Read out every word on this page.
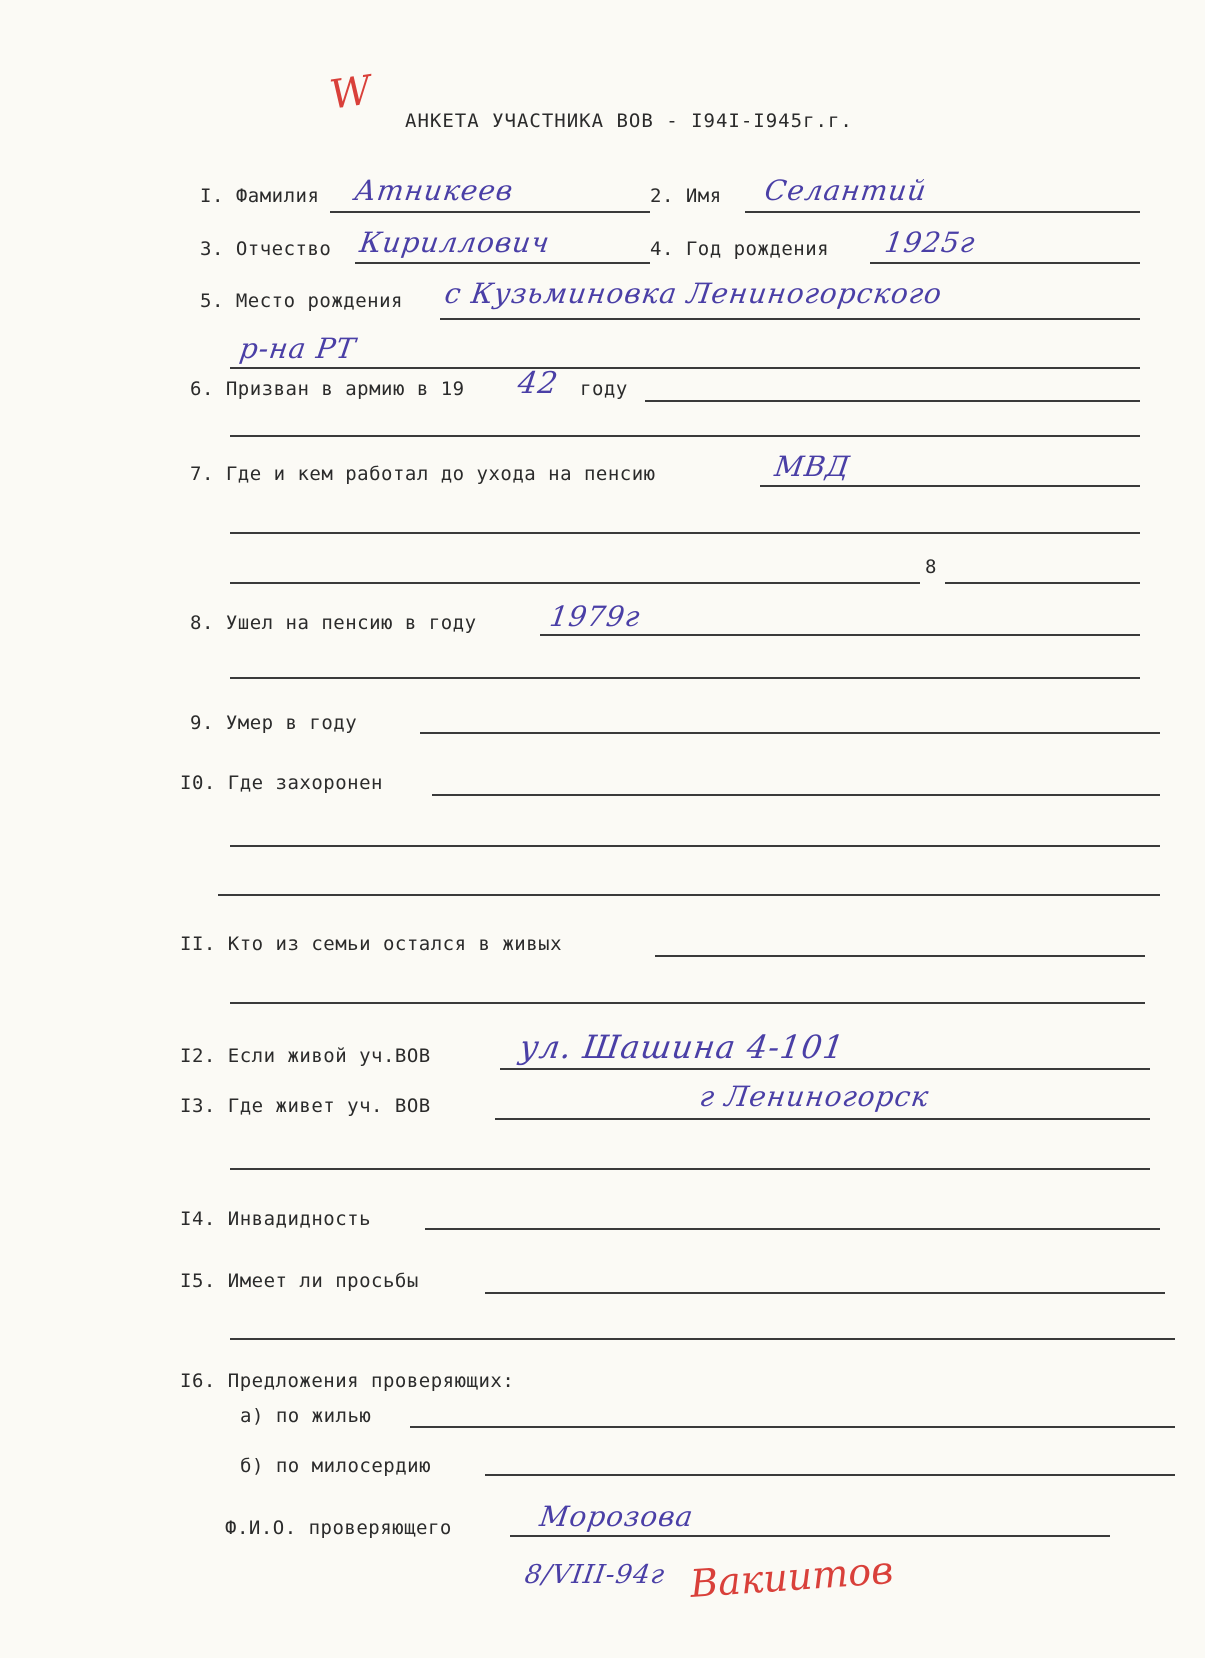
W
АНКЕТА УЧАСТНИКА ВОВ - I94I-I945г.г.
I. Фамилия Атникеев	2. Имя Селантий
3. Отчество Кириллович	4. Год рождения 1925г
5. Место рождения с Кузьминовка Лениногорского
р-на РТ
6. Призван в армию в 19 42 году
7. Где и кем работал до ухода на пенсию	МВД
8
8. Ушел на пенсию в году	1979г
9. Умер в году
I0. Где захоронен
II. Кто из семьи остался в живых
I2. Если живой уч.ВОВ	ул. Шашина 4-101
I3. Где живет уч. ВОВ	г Лениногорск
I4. Инвадидность
I5. Имеет ли просьбы
I6. Предложения проверяющих:
а) по жилью
б) по милосердию
Ф.И.О. проверяющего	Морозова
8/VIII-94г Вакиитов
